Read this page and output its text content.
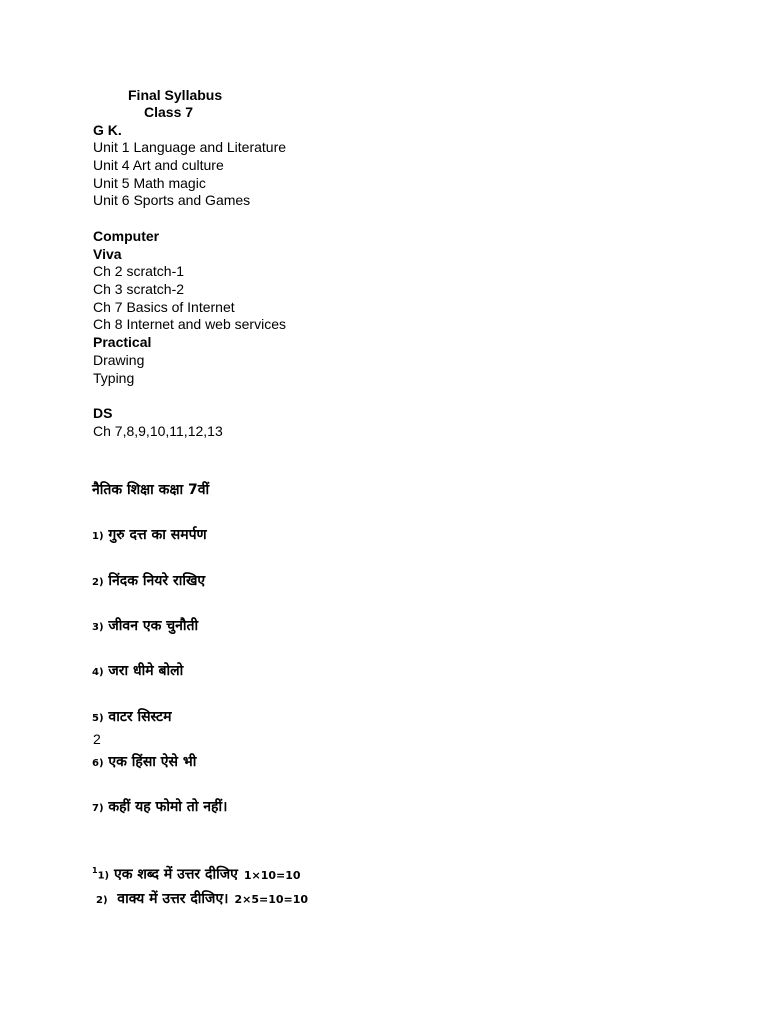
Final Syllabus
Class 7
G K.
Unit 1 Language and Literature
Unit 4 Art and culture
Unit 5 Math magic
Unit 6 Sports and Games
Computer
Viva
Ch 2 scratch-1
Ch 3 scratch-2
Ch 7 Basics of Internet
Ch 8 Internet and web services
Practical
Drawing
Typing
DS
Ch 7,8,9,10,11,12,13
नैतिक शिक्षा कक्षा 7वीं
1) गुरु दत्त का समर्पण
2) निंदक नियरे राखिए
3) जीवन एक चुनौती
4) जरा धीमे बोलो
5) वाटर सिस्टम
2
6) एक हिंसा ऐसे भी
7) कहीं यह फोमो तो नहीं।
$^1$1) एक शब्द में उत्तर दीजिए 1×10=10
2) वाक्य में उत्तर दीजिए। 2×5=10=10
